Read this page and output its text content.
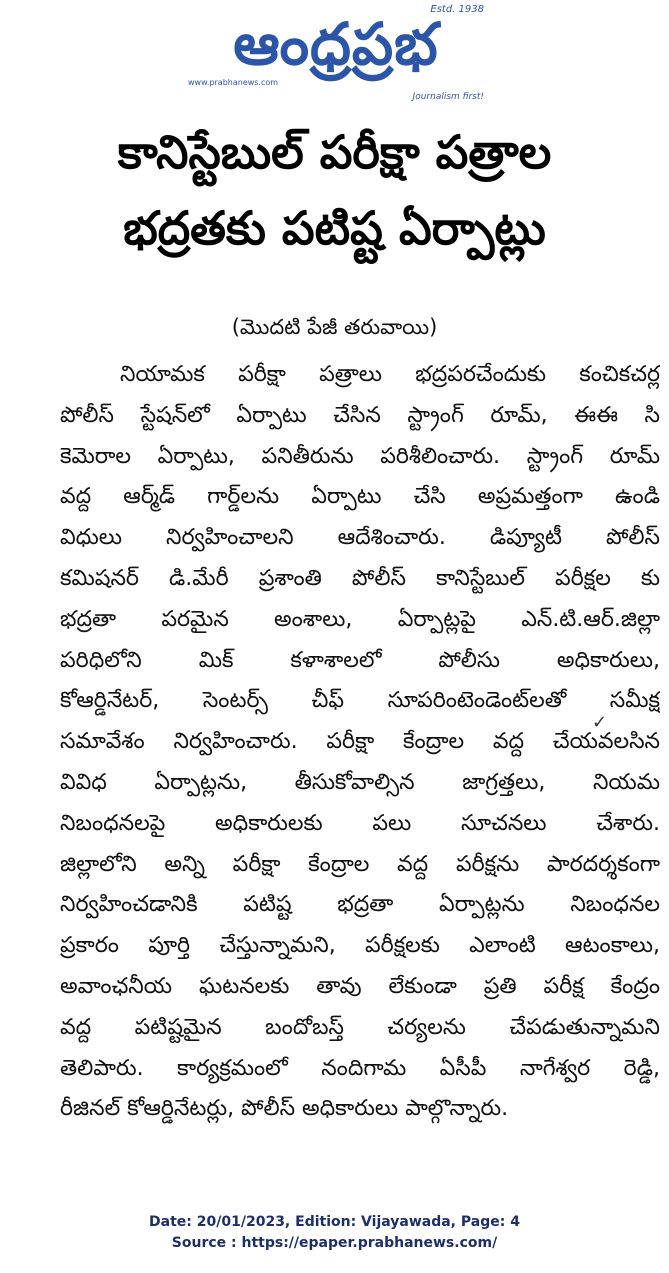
ఆంధ్రప్రభ
Estd. 1938
www.prabhanews.com
Journalism first!
కానిస్టేబుల్ పరీక్షా పత్రాల
భద్రతకు పటిష్ట ఏర్పాట్లు
(మొదటి పేజీ తరువాయి)
నియామక పరీక్షా పత్రాలు భద్రపరచేందుకు కంచికచర్ల
పోలీస్ స్టేషన్‌లో ఏర్పాటు చేసిన స్ట్రాంగ్ రూమ్, ఈఈ సి
కెమెరాల ఏర్పాటు, పనితీరును పరిశీలించారు. స్ట్రాంగ్ రూమ్
వద్ద ఆర్మ్‌డ్ గార్డ్‌లను ఏర్పాటు చేసి అప్రమత్తంగా ఉండి
విధులు నిర్వహించాలని ఆదేశించారు. డిప్యూటీ పోలీస్
కమిషనర్ డి.మేరీ ప్రశాంతి పోలీస్ కానిస్టేబుల్ పరీక్షల కు
భద్రతా పరమైన అంశాలు, ఏర్పాట్లపై ఎన్.టి.ఆర్.జిల్లా
పరిధిలోని మిక్ కళాశాలలో పోలీసు అధికారులు,
కోఆర్డినేటర్, సెంటర్స్ చీఫ్ సూపరింటెండెంట్‌లతో సమీక్ష
సమావేశం నిర్వహించారు. పరీక్షా కేంద్రాల వద్ద చేయవలసిన
వివిధ ఏర్పాట్లను, తీసుకోవాల్సిన జాగ్రత్తలు, నియమ
నిబంధనలపై అధికారులకు పలు సూచనలు చేశారు.
జిల్లాలోని అన్ని పరీక్షా కేంద్రాల వద్ద పరీక్షను పారదర్శకంగా
నిర్వహించడానికి పటిష్ట భద్రతా ఏర్పాట్లను నిబంధనల
ప్రకారం పూర్తి చేస్తున్నామని, పరీక్షలకు ఎలాంటి ఆటంకాలు,
అవాంఛనీయ ఘటనలకు తావు లేకుండా ప్రతి పరీక్ష కేంద్రం
వద్ద పటిష్టమైన బందోబస్త్ చర్యలను చేపడుతున్నామని
తెలిపారు. కార్యక్రమంలో నందిగామ ఏసీపీ నాగేశ్వర రెడ్డి,
రీజినల్ కోఆర్డినేటర్లు, పోలీస్ అధికారులు పాల్గొన్నారు.
✓
Date: 20/01/2023, Edition: Vijayawada, Page: 4
Source : https://epaper.prabhanews.com/
